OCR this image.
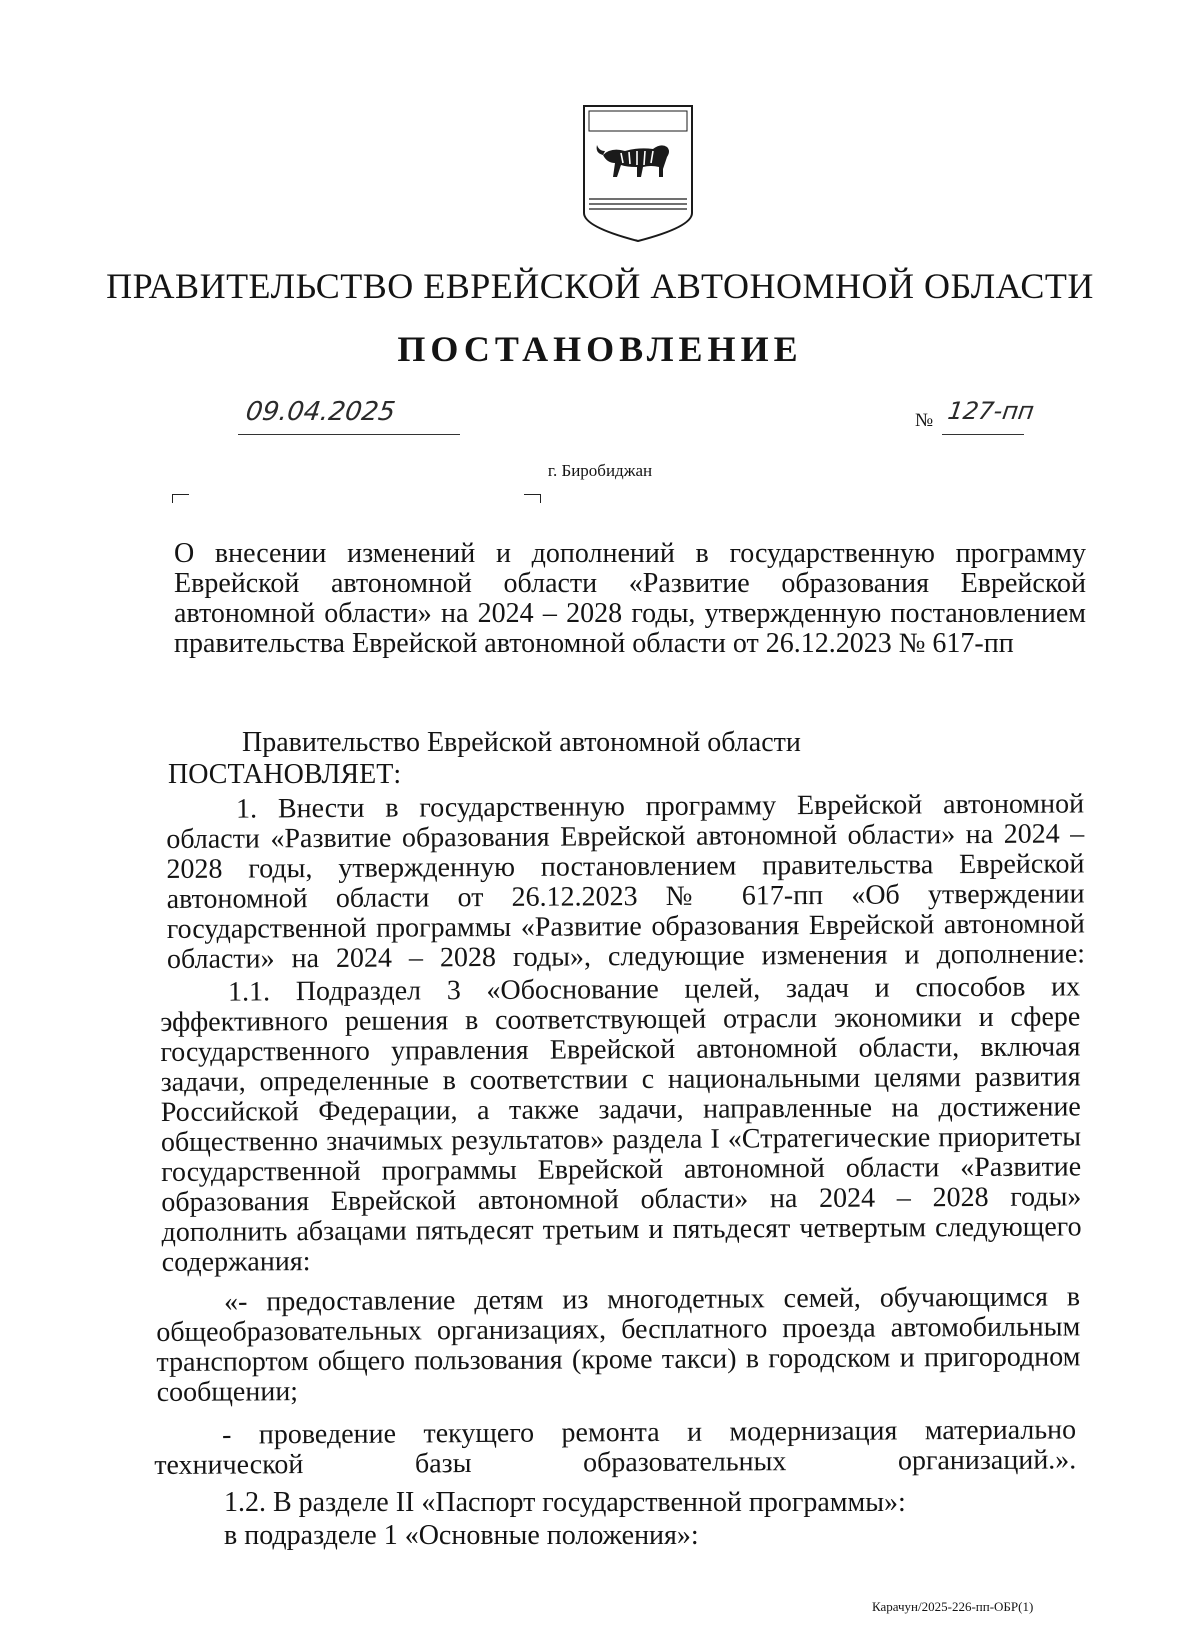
ПРАВИТЕЛЬСТВО ЕВРЕЙСКОЙ АВТОНОМНОЙ ОБЛАСТИ
ПОСТАНОВЛЕНИЕ
09.04.2025	№ 127-пп
г. Биробиджан
О внесении изменений и дополнений в государственную программу Еврейской автономной области «Развитие образования Еврейской автономной области» на 2024 – 2028 годы, утвержденную постановлением
правительства Еврейской автономной области от 26.12.2023 № 617-пп
Правительство Еврейской автономной области
ПОСТАНОВЛЯЕТ:
1. Внести в государственную программу Еврейской автономной области «Развитие образования Еврейской автономной области» на 2024 – 2028 годы, утвержденную постановлением правительства Еврейской автономной области от 26.12.2023 № 617-пп «Об утверждении государственной программы «Развитие образования Еврейской автономной области» на 2024 – 2028 годы», следующие изменения и дополнение:
1.1. Подраздел 3 «Обоснование целей, задач и способов их эффективного решения в соответствующей отрасли экономики и сфере государственного управления Еврейской автономной области, включая задачи, определенные в соответствии с национальными целями развития Российской Федерации, а также задачи, направленные на достижение общественно значимых результатов» раздела I «Стратегические приоритеты государственной программы Еврейской автономной области «Развитие образования Еврейской автономной области» на 2024 – 2028 годы» дополнить абзацами пятьдесят третьим и пятьдесят четвертым следующего содержания:
«- предоставление детям из многодетных семей, обучающимся в общеобразовательных организациях, бесплатного проезда автомобильным транспортом общего пользования (кроме такси) в городском и пригородном сообщении;
- проведение текущего ремонта и модернизация материально технической базы образовательных организаций.».
1.2. В разделе II «Паспорт государственной программы»:
в подразделе 1 «Основные положения»:
Карачун/2025-226-пп-ОБР(1)
